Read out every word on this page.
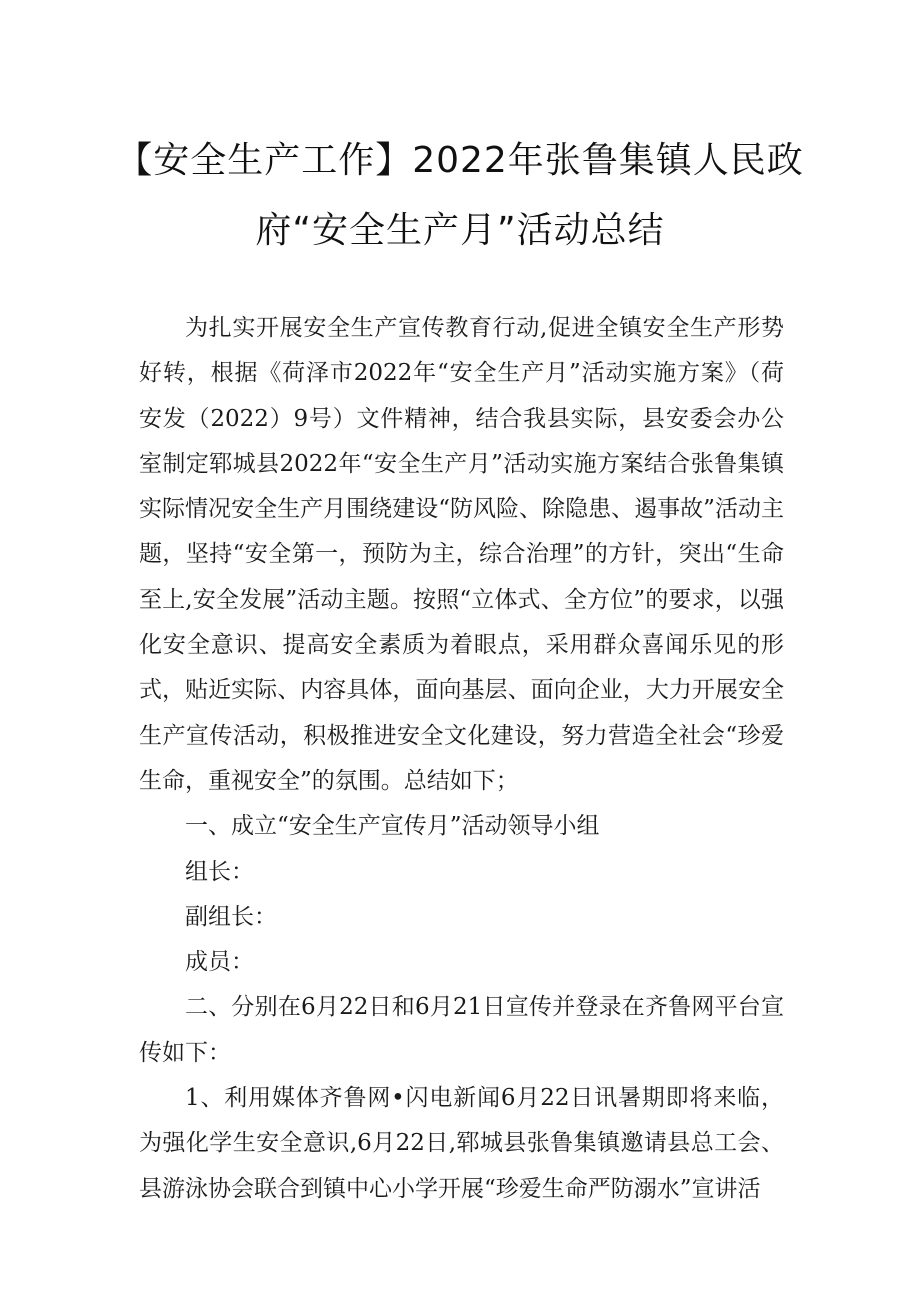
【安全生产工作】2022年张鲁集镇人民政
府“安全生产月”活动总结

为扎实开展安全生产宣传教育行动,促进全镇安全生产形势好转，根据《荷泽市2022年“安全生产月”活动实施方案》（荷安发（2022）9号）文件精神，结合我县实际，县安委会办公室制定郓城县2022年“安全生产月”活动实施方案结合张鲁集镇实际情况安全生产月围绕建设“防风险、除隐患、遏事故”活动主题，坚持“安全第一，预防为主，综合治理”的方针，突出“生命至上,安全发展”活动主题。按照“立体式、全方位”的要求，以强化安全意识、提高安全素质为着眼点，采用群众喜闻乐见的形式，贴近实际、内容具体，面向基层、面向企业，大力开展安全生产宣传活动，积极推进安全文化建设，努力营造全社会“珍爱生命，重视安全”的氛围。总结如下；

一、成立“安全生产宣传月”活动领导小组

组长：

副组长：

成员：

二、分别在6月22日和6月21日宣传并登录在齐鲁网平台宣传如下：

1、利用媒体齐鲁网•闪电新闻6月22日讯暑期即将来临，为强化学生安全意识,6月22日,郓城县张鲁集镇邀请县总工会、县游泳协会联合到镇中心小学开展“珍爱生命严防溺水”宣讲活
